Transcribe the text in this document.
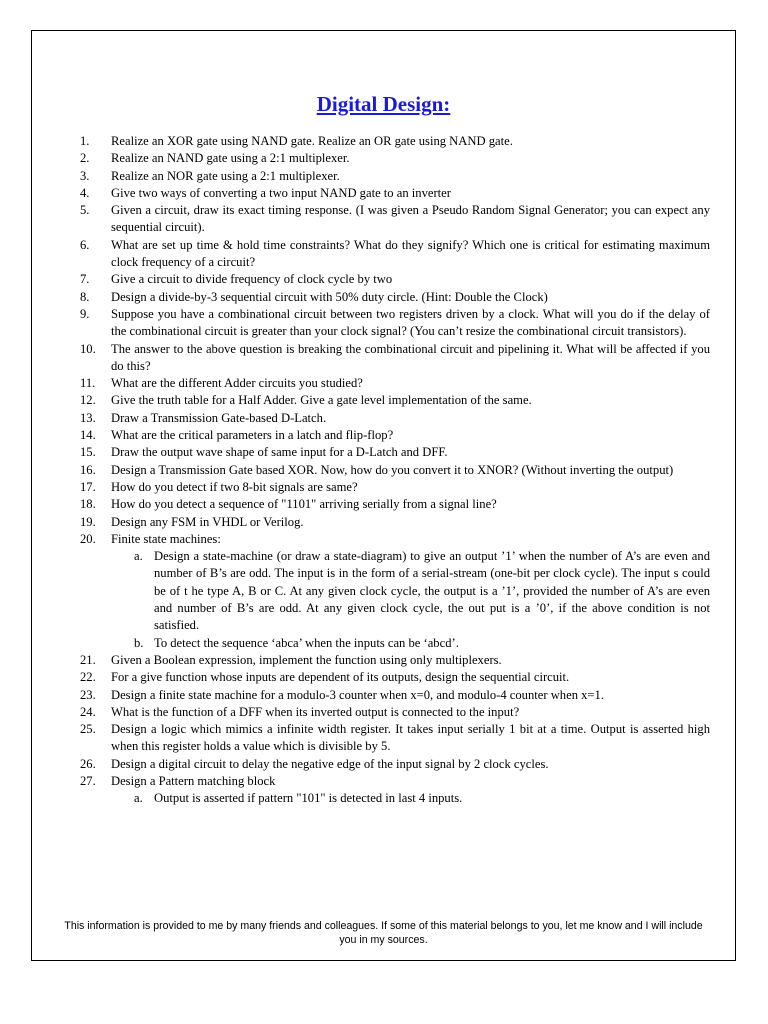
Digital Design:
1.	Realize an XOR gate using NAND gate. Realize an OR gate using NAND gate.
2.	Realize an NAND gate using a 2:1 multiplexer.
3.	Realize an NOR gate using a 2:1 multiplexer.
4.	Give two ways of converting a two input NAND gate to an inverter
5.	Given a circuit, draw its exact timing response. (I was given a Pseudo Random Signal Generator; you can expect any sequential circuit).
6.	What are set up time & hold time constraints? What do they signify? Which one is critical for estimating maximum clock frequency of a circuit?
7.	Give a circuit to divide frequency of clock cycle by two
8.	Design a divide-by-3 sequential circuit with 50% duty circle. (Hint: Double the Clock)
9.	Suppose you have a combinational circuit between two registers driven by a clock. What will you do if the delay of the combinational circuit is greater than your clock signal? (You can’t resize the combinational circuit transistors).
10.	The answer to the above question is breaking the combinational circuit and pipelining it. What will be affected if you do this?
11.	What are the different Adder circuits you studied?
12.	Give the truth table for a Half Adder. Give a gate level implementation of the same.
13.	Draw a Transmission Gate-based D-Latch.
14.	What are the critical parameters in a latch and flip-flop?
15.	Draw the output wave shape of same input for a D-Latch and DFF.
16.	Design a Transmission Gate based XOR. Now, how do you convert it to XNOR? (Without inverting the output)
17.	How do you detect if two 8-bit signals are same?
18.	How do you detect a sequence of "1101" arriving serially from a signal line?
19.	Design any FSM in VHDL or Verilog.
20.	Finite state machines:
a. Design a state-machine (or draw a state-diagram) to give an output ’1’ when the number of A’s are even and number of B’s are odd. The input is in the form of a serial-stream (one-bit per clock cycle). The input s could be of t he type A, B or C. At any given clock cycle, the output is a ’1’, provided the number of A’s are even and number of B’s are odd. At any given clock cycle, the out put is a ’0’, if the above condition is not satisfied.
b. To detect the sequence ‘abca’ when the inputs can be ‘abcd’.
21.	Given a Boolean expression, implement the function using only multiplexers.
22.	For a give function whose inputs are dependent of its outputs, design the sequential circuit.
23.	Design a finite state machine for a modulo-3 counter when x=0, and modulo-4 counter when x=1.
24.	What is the function of a DFF when its inverted output is connected to the input?
25.	Design a logic which mimics a infinite width register. It takes input serially 1 bit at a time. Output is asserted high when this register holds a value which is divisible by 5.
26.	Design a digital circuit to delay the negative edge of the input signal by 2 clock cycles.
27.	Design a Pattern matching block
a. Output is asserted if pattern "101" is detected in last 4 inputs.
This information is provided to me by many friends and colleagues. If some of this material belongs to you, let me know and I will include you in my sources.
